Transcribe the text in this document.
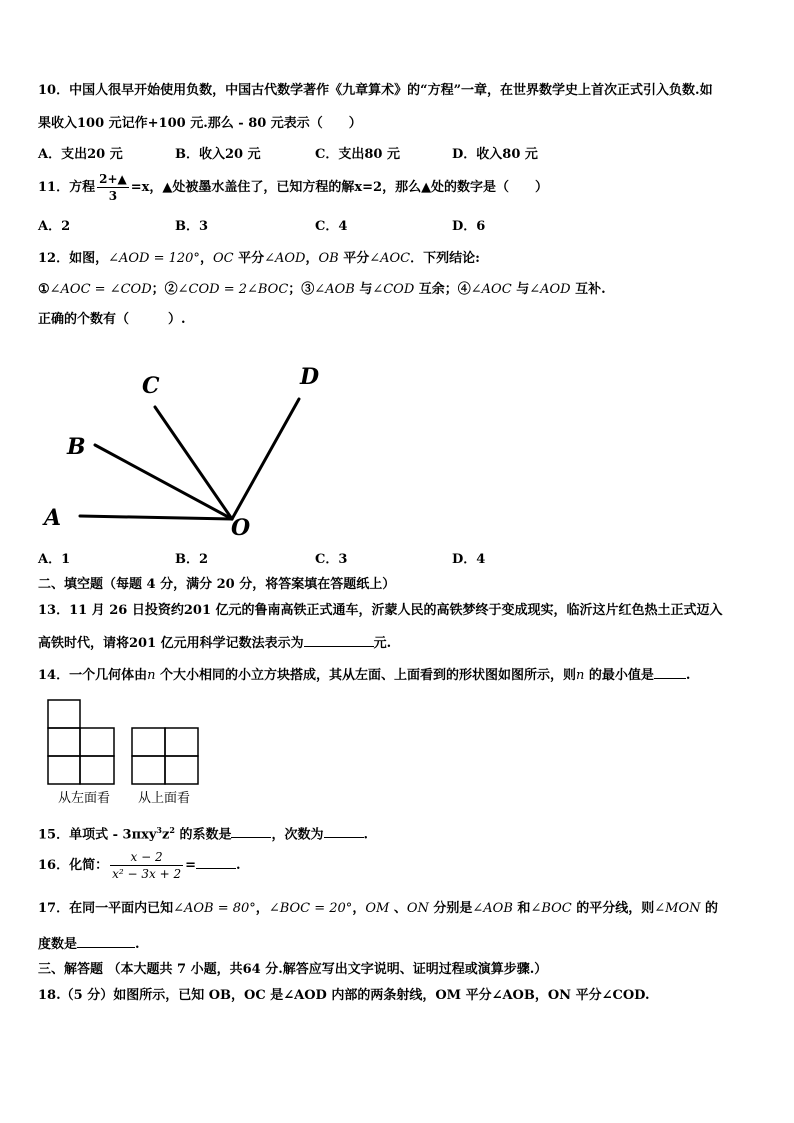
10．中国人很早开始使用负数，中国古代数学著作《九章算术》的“方程”一章，在世界数学史上首次正式引入负数.如
果收入100 元记作+100 元.那么 - 80 元表示（　　）
A．支出20 元	B．收入20 元	C．支出80 元	D．收入80 元
11．方程 $\frac{2+▲}{3} =x$，▲处被墨水盖住了，已知方程的解x=2，那么▲处的数字是（　　）
A．2	B．3	C．4	D．6
12．如图，∠AOD = 120°，OC 平分∠AOD，OB 平分∠AOC．下列结论:
①∠AOC = ∠COD；②∠COD = 2∠BOC；③∠AOB 与∠COD 互余；④∠AOC 与∠AOD 互补.
正确的个数有（　　　）.
A
B
C	D
O
A．1	B．2	C．3	D．4
二、填空题（每题 4 分，满分 20 分，将答案填在答题纸上）
13．11 月 26 日投资约201 亿元的鲁南高铁正式通车，沂蒙人民的高铁梦终于变成现实，临沂这片红色热土正式迈入
高铁时代，请将201 亿元用科学记数法表示为	元.
14．一个几何体由n 个大小相同的小立方块搭成，其从左面、上面看到的形状图如图所示，则n 的最小值是 .
从左面看 从上面看
15．单项式 - $3\pi xy^3z^2$ 的系数是	，次数为	.
16．化简： $\frac{x - 2}{\text{x² − 3x + 2}}$ =	.
17．在同一平面内已知∠AOB = 80°，∠BOC = 20°，OM 、ON 分别是∠AOB 和∠BOC 的平分线，则∠MON 的
度数是	.
三、解答题 （本大题共 7 小题，共64 分.解答应写出文字说明、证明过程或演算步骤.）
18.（5 分）如图所示，已知 OB，OC 是∠AOD 内部的两条射线，OM 平分∠AOB，ON 平分∠COD.
